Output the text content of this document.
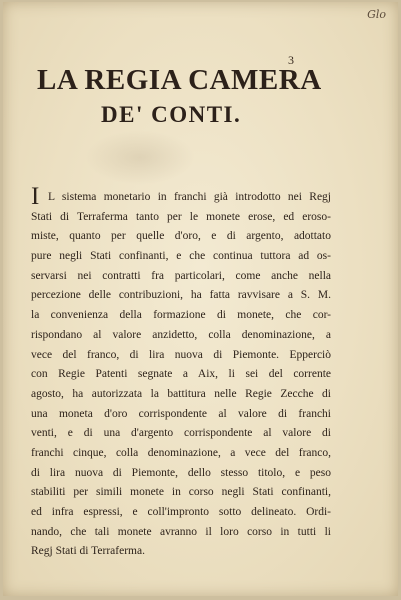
Glo
3
LA REGIA CAMERA
DE' CONTI.
I L sistema monetario in franchi già introdotto nei Regj
Stati di Terraferma tanto per le monete erose, ed eroso-
miste, quanto per quelle d'oro, e di argento, adottato
pure negli Stati confinanti, e che continua tuttora ad os-
servarsi nei contratti fra particolari, come anche nella
percezione delle contribuzioni, ha fatta ravvisare a S. M.
la convenienza della formazione di monete, che cor-
rispondano al valore anzidetto, colla denominazione, a
vece del franco, di lira nuova di Piemonte. Epperciò
con Regie Patenti segnate a Aix, li sei del corrente
agosto, ha autorizzata la battitura nelle Regie Zecche di
una moneta d'oro corrispondente al valore di franchi
venti, e di una d'argento corrispondente al valore di
franchi cinque, colla denominazione, a vece del franco,
di lira nuova di Piemonte, dello stesso titolo, e peso
stabiliti per simili monete in corso negli Stati confinanti,
ed infra espressi, e coll'impronto sotto delineato. Ordi-
nando, che tali monete avranno il loro corso in tutti li
Regj Stati di Terraferma.
